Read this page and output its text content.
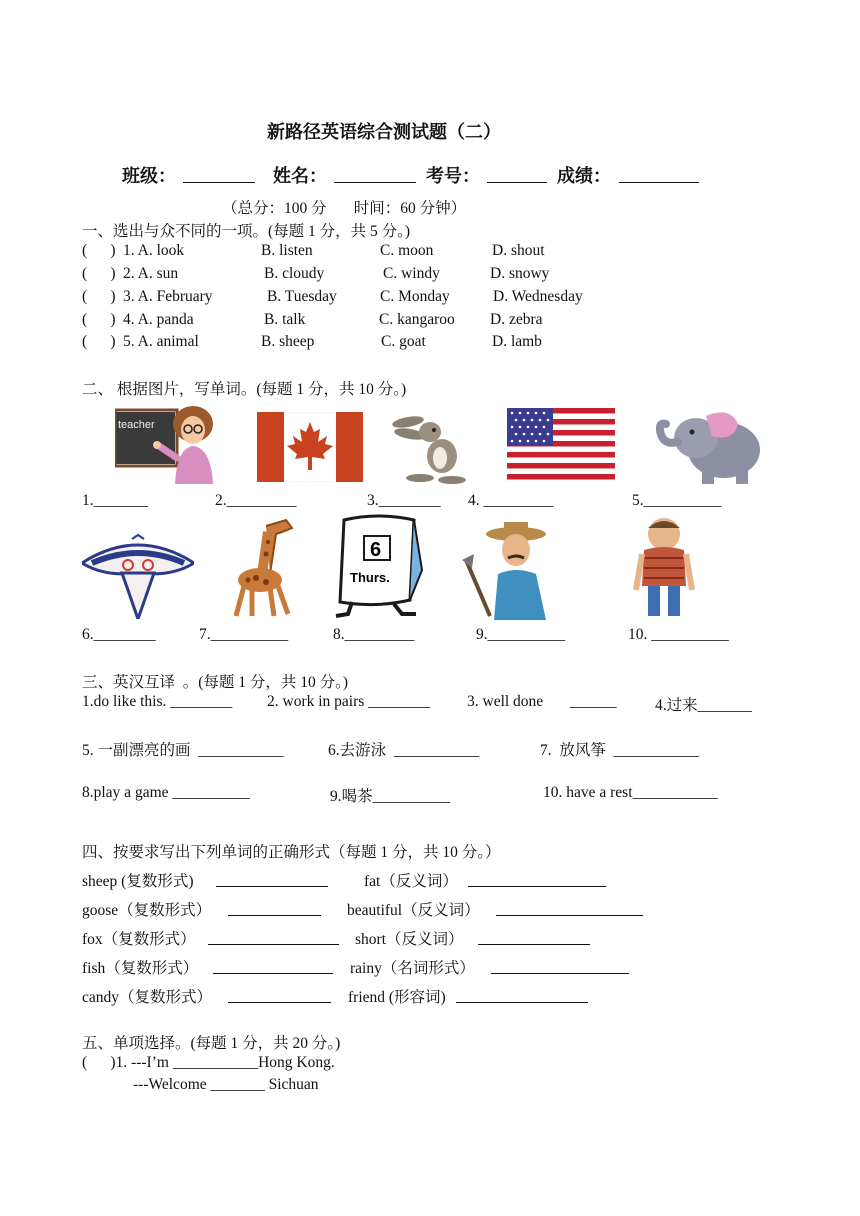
新路径英语综合测试题（二）
班级：	姓名：	考号：	成绩：
（总分：100 分       时间：60 分钟）
一、选出与众不同的一项。(每题 1 分，共 5 分。)
(      ) 1. A. look	B. listen	C. moon	D. shout
(      ) 2. A. sun	B. cloudy	C. windy	D. snowy
(      ) 3. A. February	B. Tuesday	C. Monday	D. Wednesday
(      ) 4. A. panda	B. talk	C. kangaroo D. zebra
(      ) 5. A. animal	B. sheep	C. goat	D. lamb
二、 根据图片，写单词。(每题 1 分，共 10 分。)
teacher
1._______	2._________	3.________ 4. _________	5.__________
6
Thurs.
6.________	7.__________	8._________	9.__________	10. __________
三、英汉互译  。(每题 1 分，共 10 分。)
1.do like this. ________ 2. work in pairs ________ 3. well done ______ 4.过来_______
5. 一副漂亮的画  ___________	6.去游泳  ___________	7.  放风筝  ___________
8.play a game __________	9.喝茶__________	10. have a rest___________
四、按要求写出下列单词的正确形式（每题 1 分，共 10 分。）
sheep (复数形式)	fat（反义词）
goose（复数形式）	beautiful（反义词）
fox（复数形式）	short（反义词）
fish（复数形式）	rainy（名词形式）
candy（复数形式）	friend (形容词)
五、单项选择。(每题 1 分，共 20 分。)
(      )1. ---I’m ___________Hong Kong.
---Welcome _______ Sichuan
